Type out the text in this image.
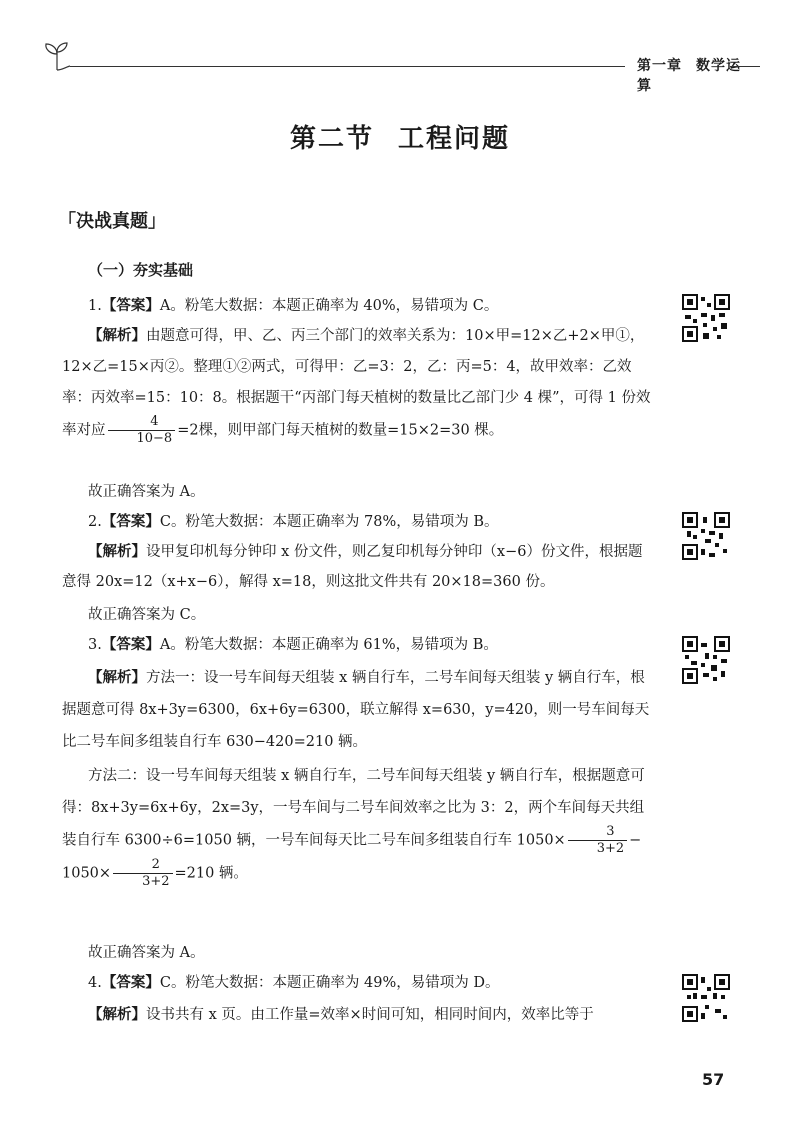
第一章 数学运算
第二节 工程问题
「决战真题」
（一）夯实基础
1.【答案】A。粉笔大数据：本题正确率为 40%，易错项为 C。
【解析】由题意可得，甲、乙、丙三个部门的效率关系为：10×甲=12×乙+2×甲①，12×乙=15×丙②。整理①②两式，可得甲：乙=3：2，乙：丙=5：4，故甲效率：乙效率：丙效率=15：10：8。根据题干“丙部门每天植树的数量比乙部门少 4 棵”，可得 1 份效率对应 $\frac{4}{10-8} =2$棵，则甲部门每天植树的数量=15×2=30 棵。
故正确答案为 A。
2.【答案】C。粉笔大数据：本题正确率为 78%，易错项为 B。
【解析】设甲复印机每分钟印 x 份文件，则乙复印机每分钟印（x−6）份文件，根据题意得 20x=12（x+x−6），解得 x=18，则这批文件共有 20×18=360 份。
故正确答案为 C。
3.【答案】A。粉笔大数据：本题正确率为 61%，易错项为 B。
【解析】方法一：设一号车间每天组装 x 辆自行车，二号车间每天组装 y 辆自行车，根据题意可得 8x+3y=6300，6x+6y=6300，联立解得 x=630，y=420，则一号车间每天比二号车间多组装自行车 630−420=210 辆。
方法二：设一号车间每天组装 x 辆自行车，二号车间每天组装 y 辆自行车，根据题意可得：8x+3y=6x+6y，2x=3y，一号车间与二号车间效率之比为 3：2，两个车间每天共组装自行车 6300÷6=1050 辆，一号车间每天比二号车间多组装自行车 $1050\times \frac{3}{3+2}$ −
$1050\times \frac{2}{3+2} =210$ 辆。
故正确答案为 A。
4.【答案】C。粉笔大数据：本题正确率为 49%，易错项为 D。
【解析】设书共有 x 页。由工作量=效率×时间可知，相同时间内，效率比等于
57
